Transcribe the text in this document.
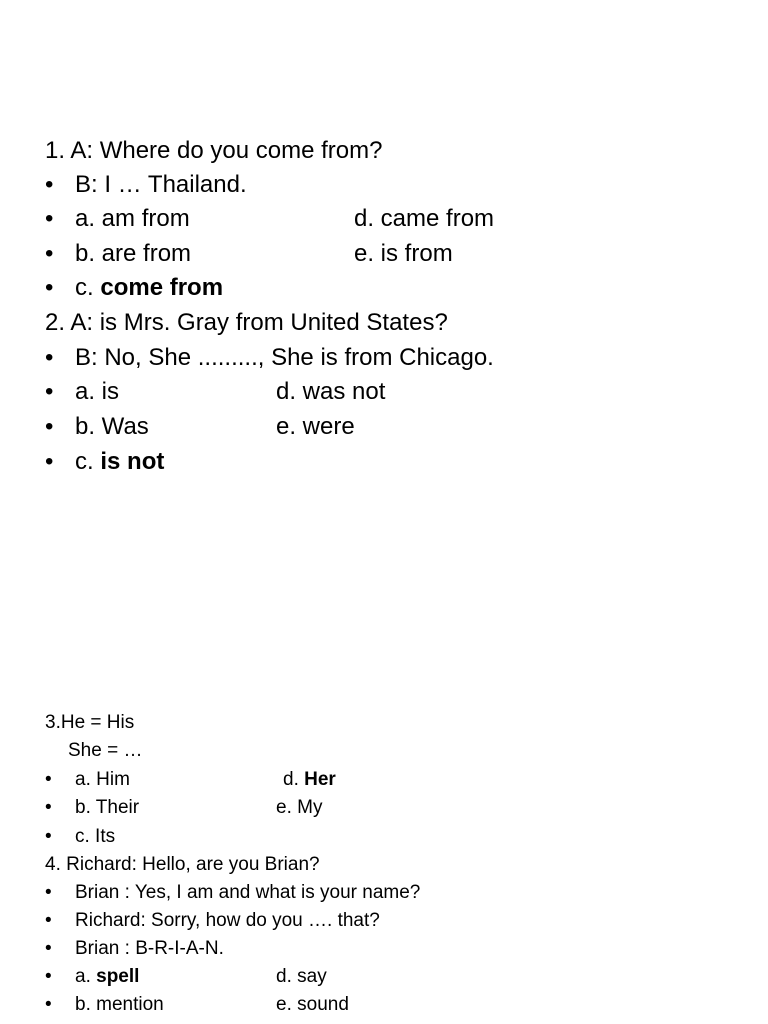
1. A: Where do you come from?
• B: I … Thailand.
• a. am from	d. came from
• b. are from	e. is from
• c. come from
2. A: is Mrs. Gray from United States?
• B: No, She ........., She is from Chicago.
• a. is	d. was not
• b. Was	e. were
• c. is not
3.He = His
She = …
• a. Him	d. Her
• b. Their	e. My
• c. Its
4. Richard: Hello, are you Brian?
• Brian : Yes, I am and what is your name?
• Richard: Sorry, how do you …. that?
• Brian : B-R-I-A-N.
• a. spell	d. say
• b. mention	e. sound
